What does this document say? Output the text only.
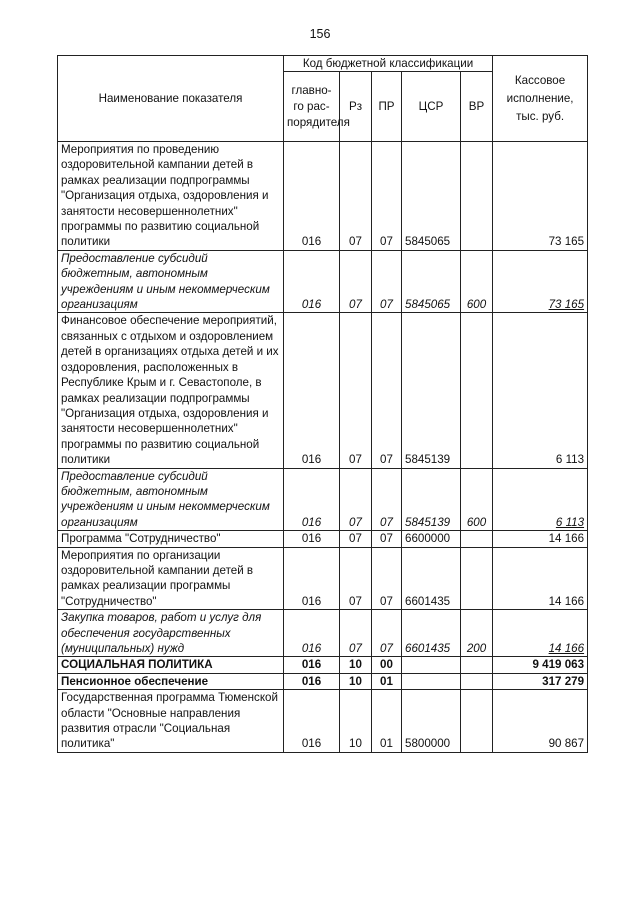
156
Наименование показателя	Код бюджетной классификации					Кассовое исполнение, тыс. руб.
	главно-го рас-порядителя	Рз	ПР	ЦСР	ВР	
Мероприятия по проведению оздоровительной кампании детей в рамках реализации подпрограммы "Организация отдыха, оздоровления и занятости несовершеннолетних" программы по развитию социальной политики	016	07	07	5845065		73 165
Предоставление субсидий бюджетным, автономным учреждениям и иным некоммерческим организациям	016	07	07	5845065	600	73 165
Финансовое обеспечение мероприятий, связанных с отдыхом и оздоровлением детей в организациях отдыха детей и их оздоровления, расположенных в Республике Крым и г. Севастополе, в рамках реализации подпрограммы "Организация отдыха, оздоровления и занятости несовершеннолетних" программы по развитию социальной политики	016	07	07	5845139		6 113
Предоставление субсидий бюджетным, автономным учреждениям и иным некоммерческим организациям	016	07	07	5845139	600	6 113
Программа "Сотрудничество"	016	07	07	6600000		14 166
Мероприятия по организации оздоровительной кампании детей в рамках реализации программы "Сотрудничество"	016	07	07	6601435		14 166
Закупка товаров, работ и услуг для обеспечения государственных (муниципальных) нужд	016	07	07	6601435	200	14 166
СОЦИАЛЬНАЯ ПОЛИТИКА	016	10	00			9 419 063
Пенсионное обеспечение	016	10	01			317 279
Государственная программа Тюменской области "Основные направления развития отрасли "Социальная политика"	016	10	01	5800000		90 867
